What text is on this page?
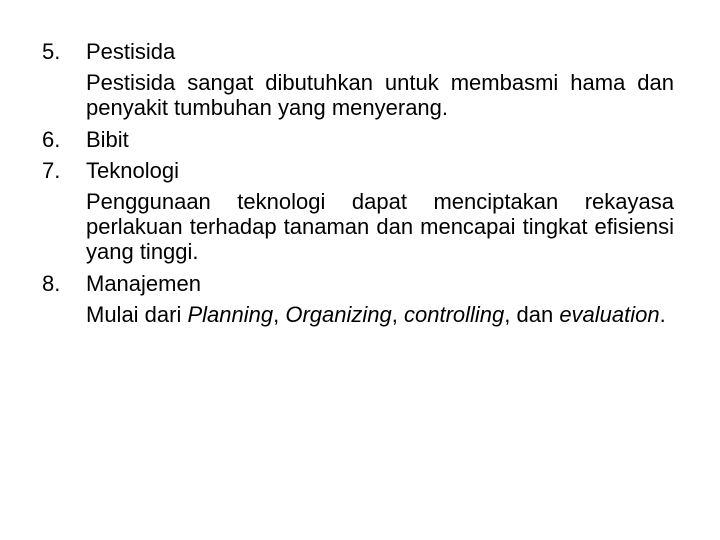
5.	Pestisida
Pestisida sangat dibutuhkan untuk membasmi hama dan penyakit tumbuhan yang menyerang.
6.	Bibit
7.	Teknologi
Penggunaan teknologi dapat menciptakan rekayasa perlakuan terhadap tanaman dan mencapai tingkat efisiensi yang tinggi.
8.	Manajemen
Mulai dari Planning, Organizing, controlling, dan evaluation.
